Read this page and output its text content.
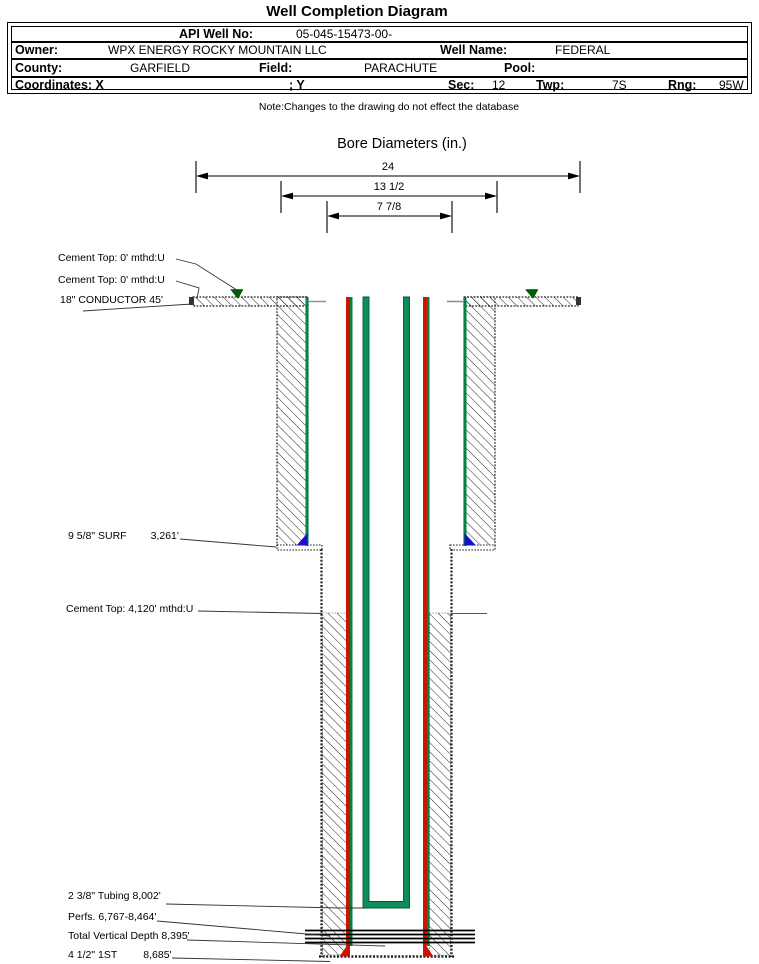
Well Completion Diagram
API Well No:	05-045-15473-00-
Owner:	WPX ENERGY ROCKY MOUNTAIN LLC	Well Name:	FEDERAL
County:	GARFIELD	Field:	PARACHUTE	Pool:
Coordinates: X	; Y	Sec: 12 Twp:	7S	Rng: 95W
Note:Changes to the drawing do not effect the database
Bore Diameters (in.)
24
13 1/2
7 7/8
Cement Top: 0' mthd:U
Cement Top: 0' mthd:U
18" CONDUCTOR 45'
9 5/8" SURF 3,261'
Cement Top: 4,120' mthd:U
2 3/8" Tubing 8,002'
Perfs. 6,767-8,464'
Total Vertical Depth 8,395'
4 1/2" 1ST 8,685'
